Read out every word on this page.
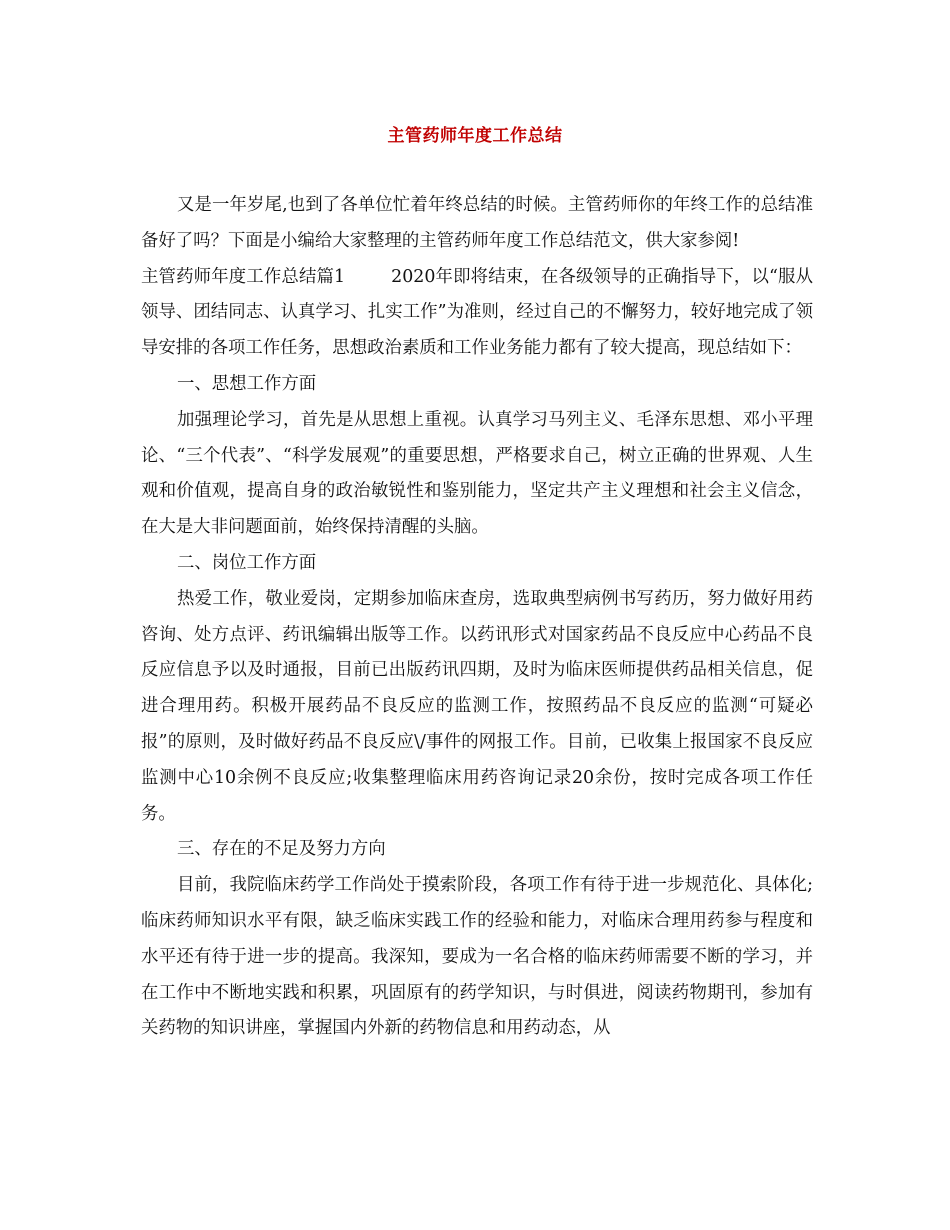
主管药师年度工作总结

又是一年岁尾,也到了各单位忙着年终总结的时候。主管药师你的年终工作的总结准备好了吗？下面是小编给大家整理的主管药师年度工作总结范文，供大家参阅!

主管药师年度工作总结篇1	2020年即将结束，在各级领导的正确指导下，以“服从领导、团结同志、认真学习、扎实工作”为准则，经过自己的不懈努力，较好地完成了领导安排的各项工作任务，思想政治素质和工作业务能力都有了较大提高，现总结如下：

一、思想工作方面

加强理论学习，首先是从思想上重视。认真学习马列主义、毛泽东思想、邓小平理论、“三个代表”、“科学发展观”的重要思想，严格要求自己，树立正确的世界观、人生观和价值观，提高自身的政治敏锐性和鉴别能力，坚定共产主义理想和社会主义信念，在大是大非问题面前，始终保持清醒的头脑。

二、岗位工作方面

热爱工作，敬业爱岗，定期参加临床查房，选取典型病例书写药历，努力做好用药咨询、处方点评、药讯编辑出版等工作。以药讯形式对国家药品不良反应中心药品不良反应信息予以及时通报，目前已出版药讯四期，及时为临床医师提供药品相关信息，促进合理用药。积极开展药品不良反应的监测工作，按照药品不良反应的监测“可疑必报”的原则，及时做好药品不良反应\/事件的网报工作。目前，已收集上报国家不良反应监测中心10余例不良反应;收集整理临床用药咨询记录20余份，按时完成各项工作任务。

三、存在的不足及努力方向

目前，我院临床药学工作尚处于摸索阶段，各项工作有待于进一步规范化、具体化;临床药师知识水平有限，缺乏临床实践工作的经验和能力，对临床合理用药参与程度和水平还有待于进一步的提高。我深知，要成为一名合格的临床药师需要不断的学习，并在工作中不断地实践和积累，巩固原有的药学知识，与时俱进，阅读药物期刊，参加有关药物的知识讲座，掌握国内外新的药物信息和用药动态，从
